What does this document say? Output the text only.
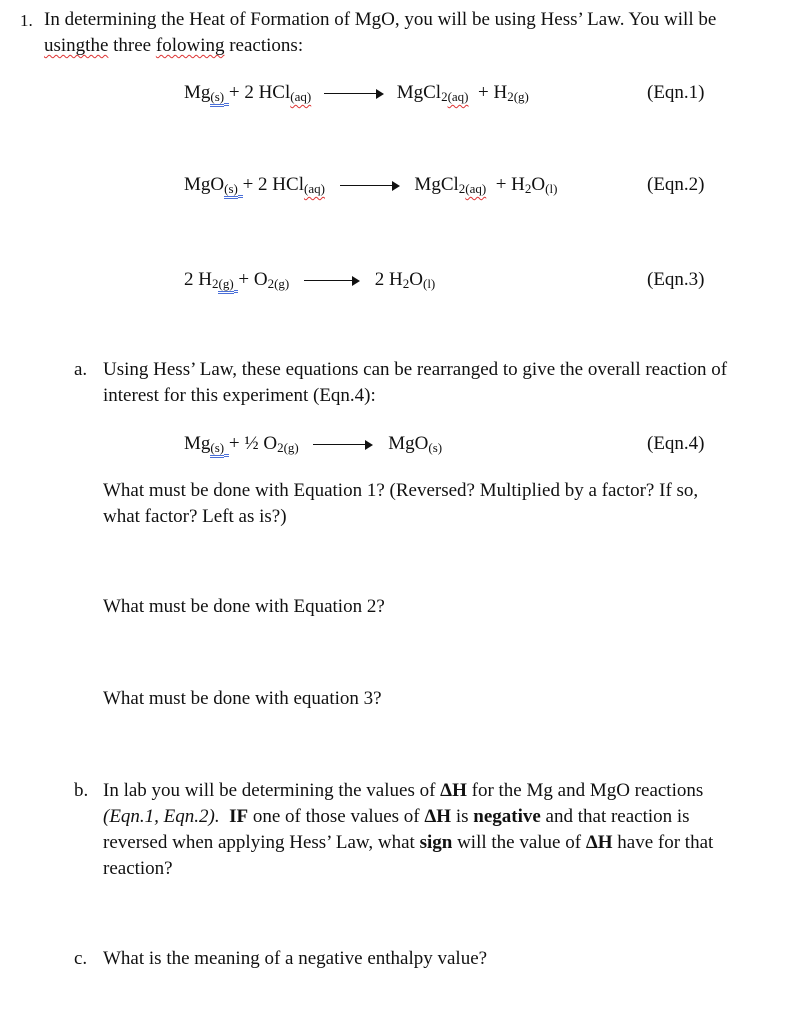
1. In determining the Heat of Formation of MgO, you will be using Hess’ Law. You will be
usingthe three folowing reactions:
$Mg_{(s)} + 2$ HCl$_{(aq)}$	MgCl$_{2(aq)}$ + $H_{2(g)}$	(Eqn.1)
MgO$_{(s)}$ + 2 HCl$_{(aq)}$	MgCl$_{2(aq)}$ + $H_2O_{(l)}$	(Eqn.2)
2 $H_{2(g)} + O_{2(g)}$	2 $H_2O_{(l)}$	(Eqn.3)
a. Using Hess’ Law, these equations can be rearranged to give the overall reaction of
interest for this experiment (Eqn.4):
$Mg_{(s)}$ + ½ $O_{2(g)}$	MgO$_{(s)}$	(Eqn.4)
What must be done with Equation 1? (Reversed? Multiplied by a factor? If so,
what factor? Left as is?)
What must be done with Equation 2?
What must be done with equation 3?
b. In lab you will be determining the values of ΔH for the Mg and MgO reactions
(Eqn.1, Eqn.2). IF one of those values of ΔH is negative and that reaction is
reversed when applying Hess’ Law, what sign will the value of ΔH have for that
reaction?
c. What is the meaning of a negative enthalpy value?
